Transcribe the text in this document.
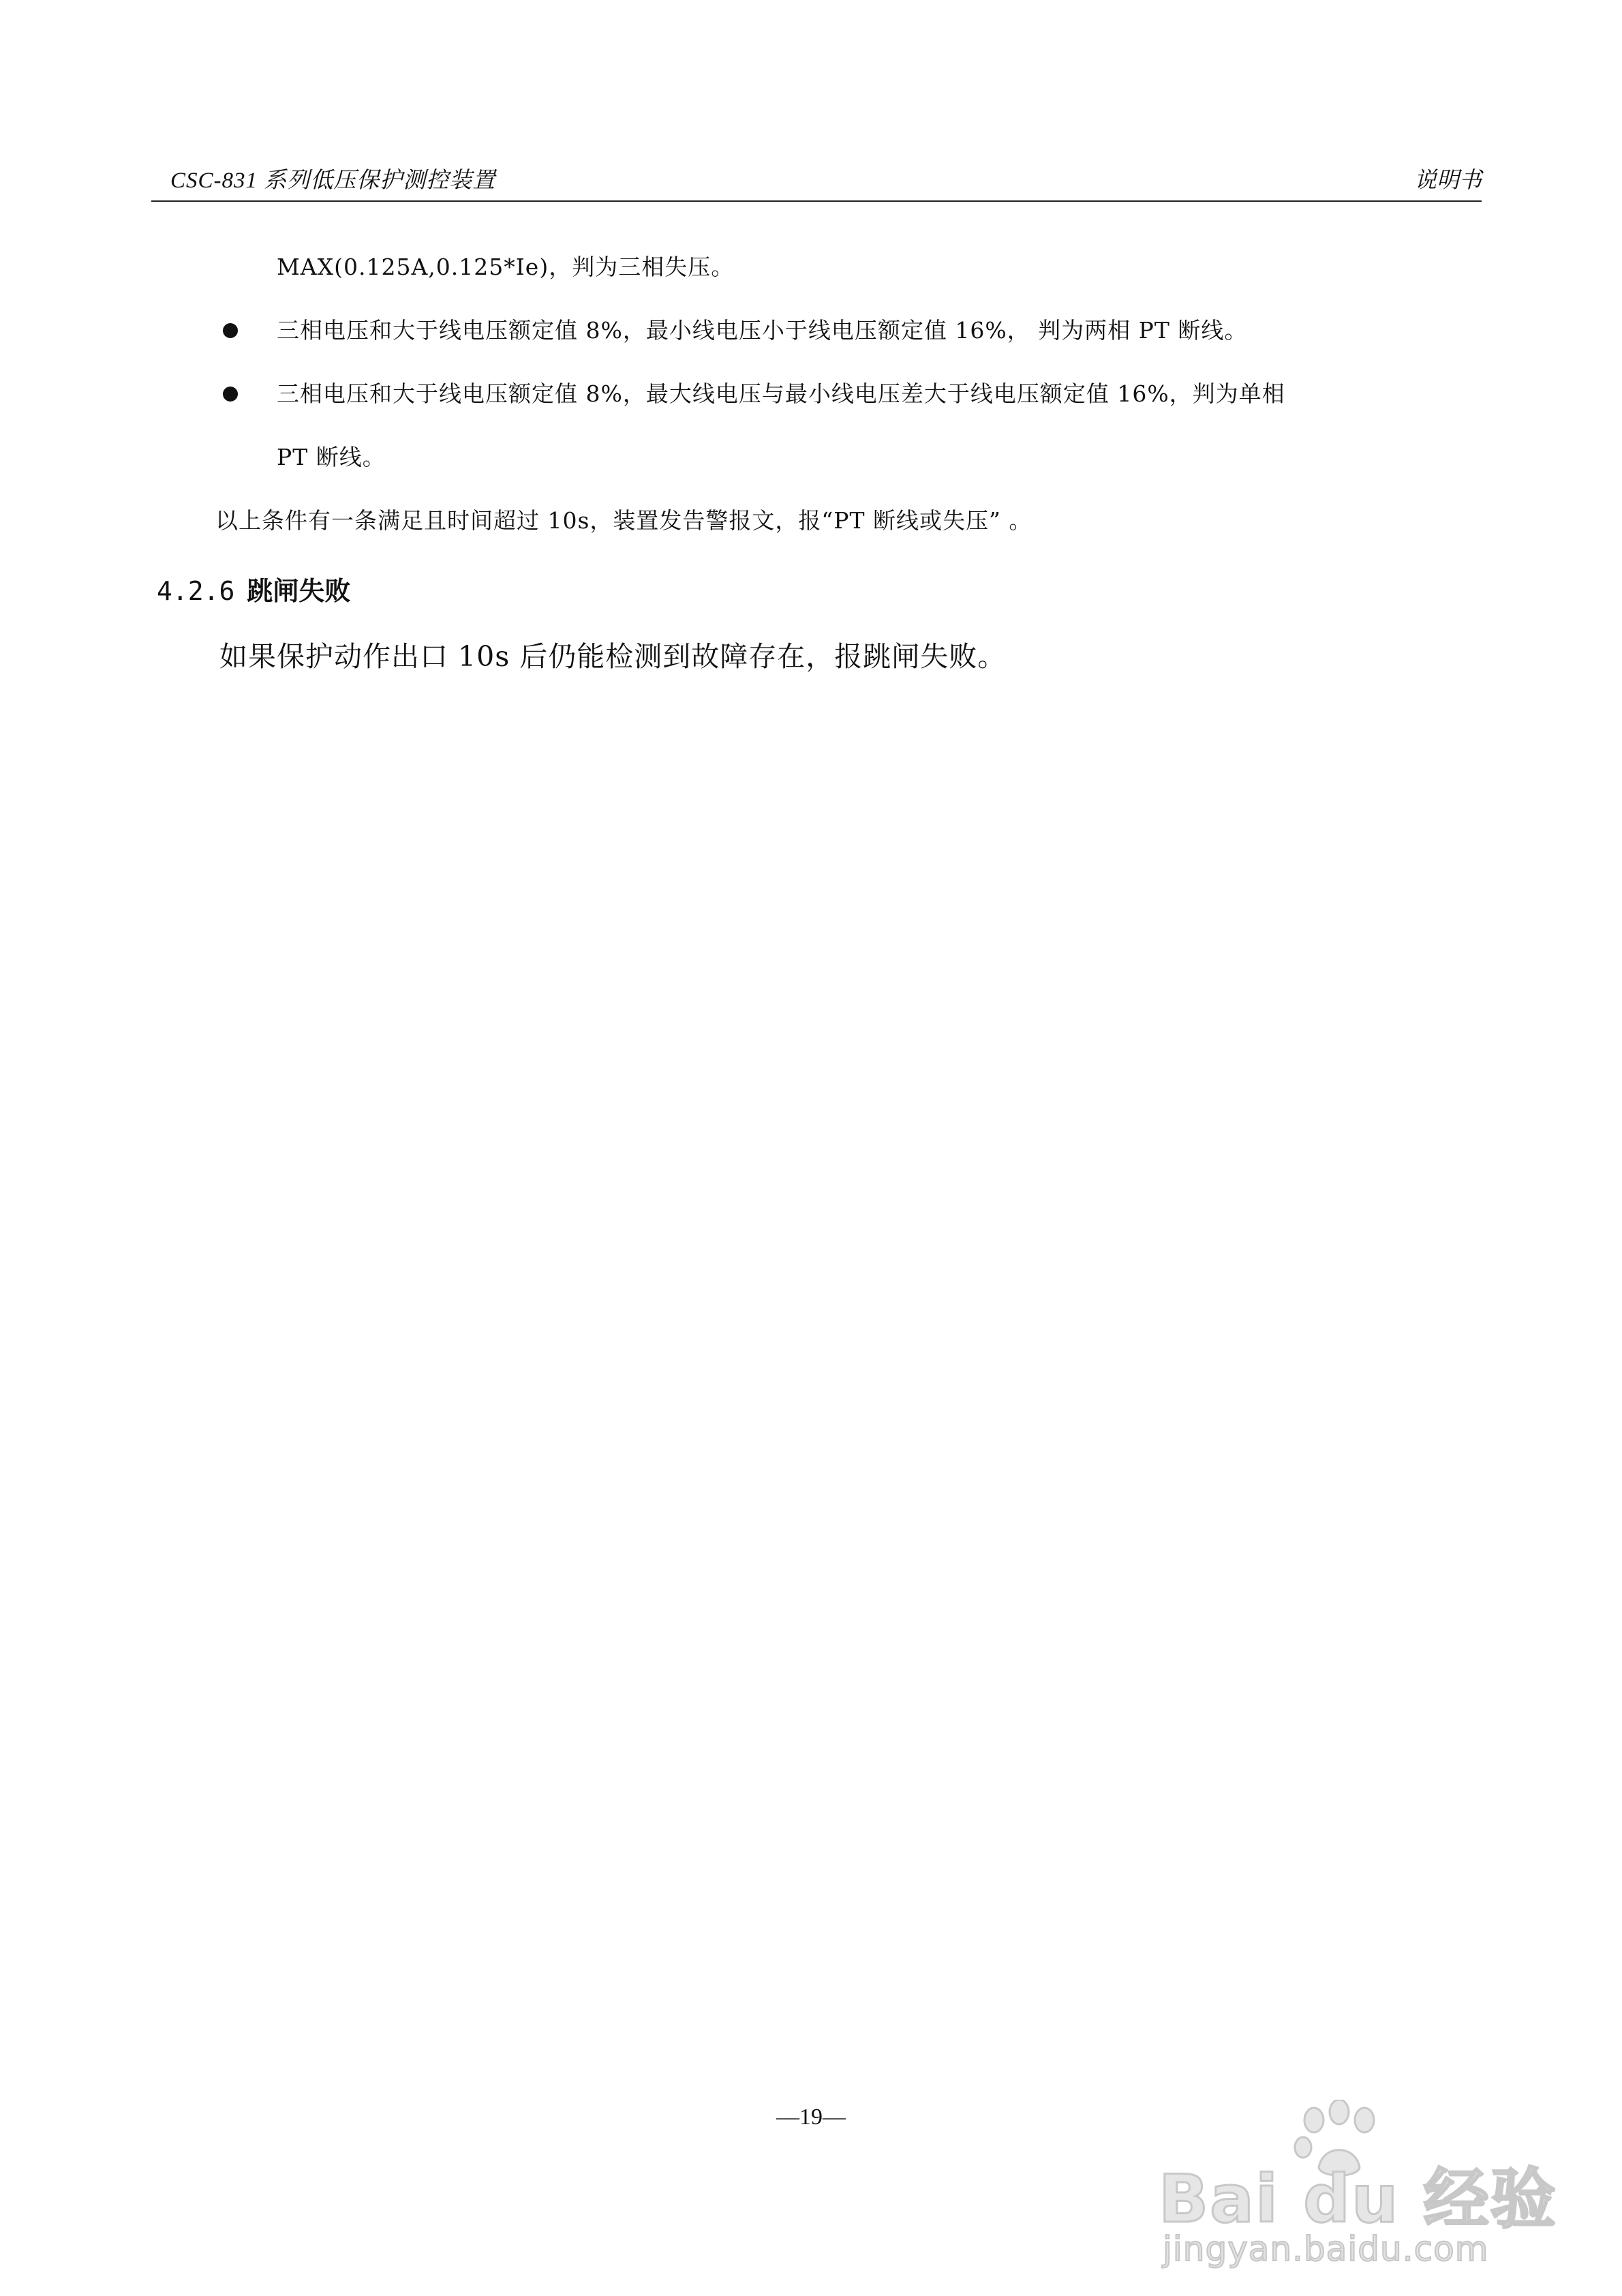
CSC-831 系列低压保护测控装置	说明书
MAX(0.125A,0.125*Ie)，判为三相失压。
三相电压和大于线电压额定值 8%，最小线电压小于线电压额定值 16%， 判为两相 PT 断线。
三相电压和大于线电压额定值 8%，最大线电压与最小线电压差大于线电压额定值 16%，判为单相
PT 断线。
以上条件有一条满足且时间超过 10s，装置发告警报文，报“PT 断线或失压” 。
4.2.6 跳闸失败
如果保护动作出口 10s 后仍能检测到故障存在，报跳闸失败。
—19—
Bai du 经验
jingyan.baidu.com
